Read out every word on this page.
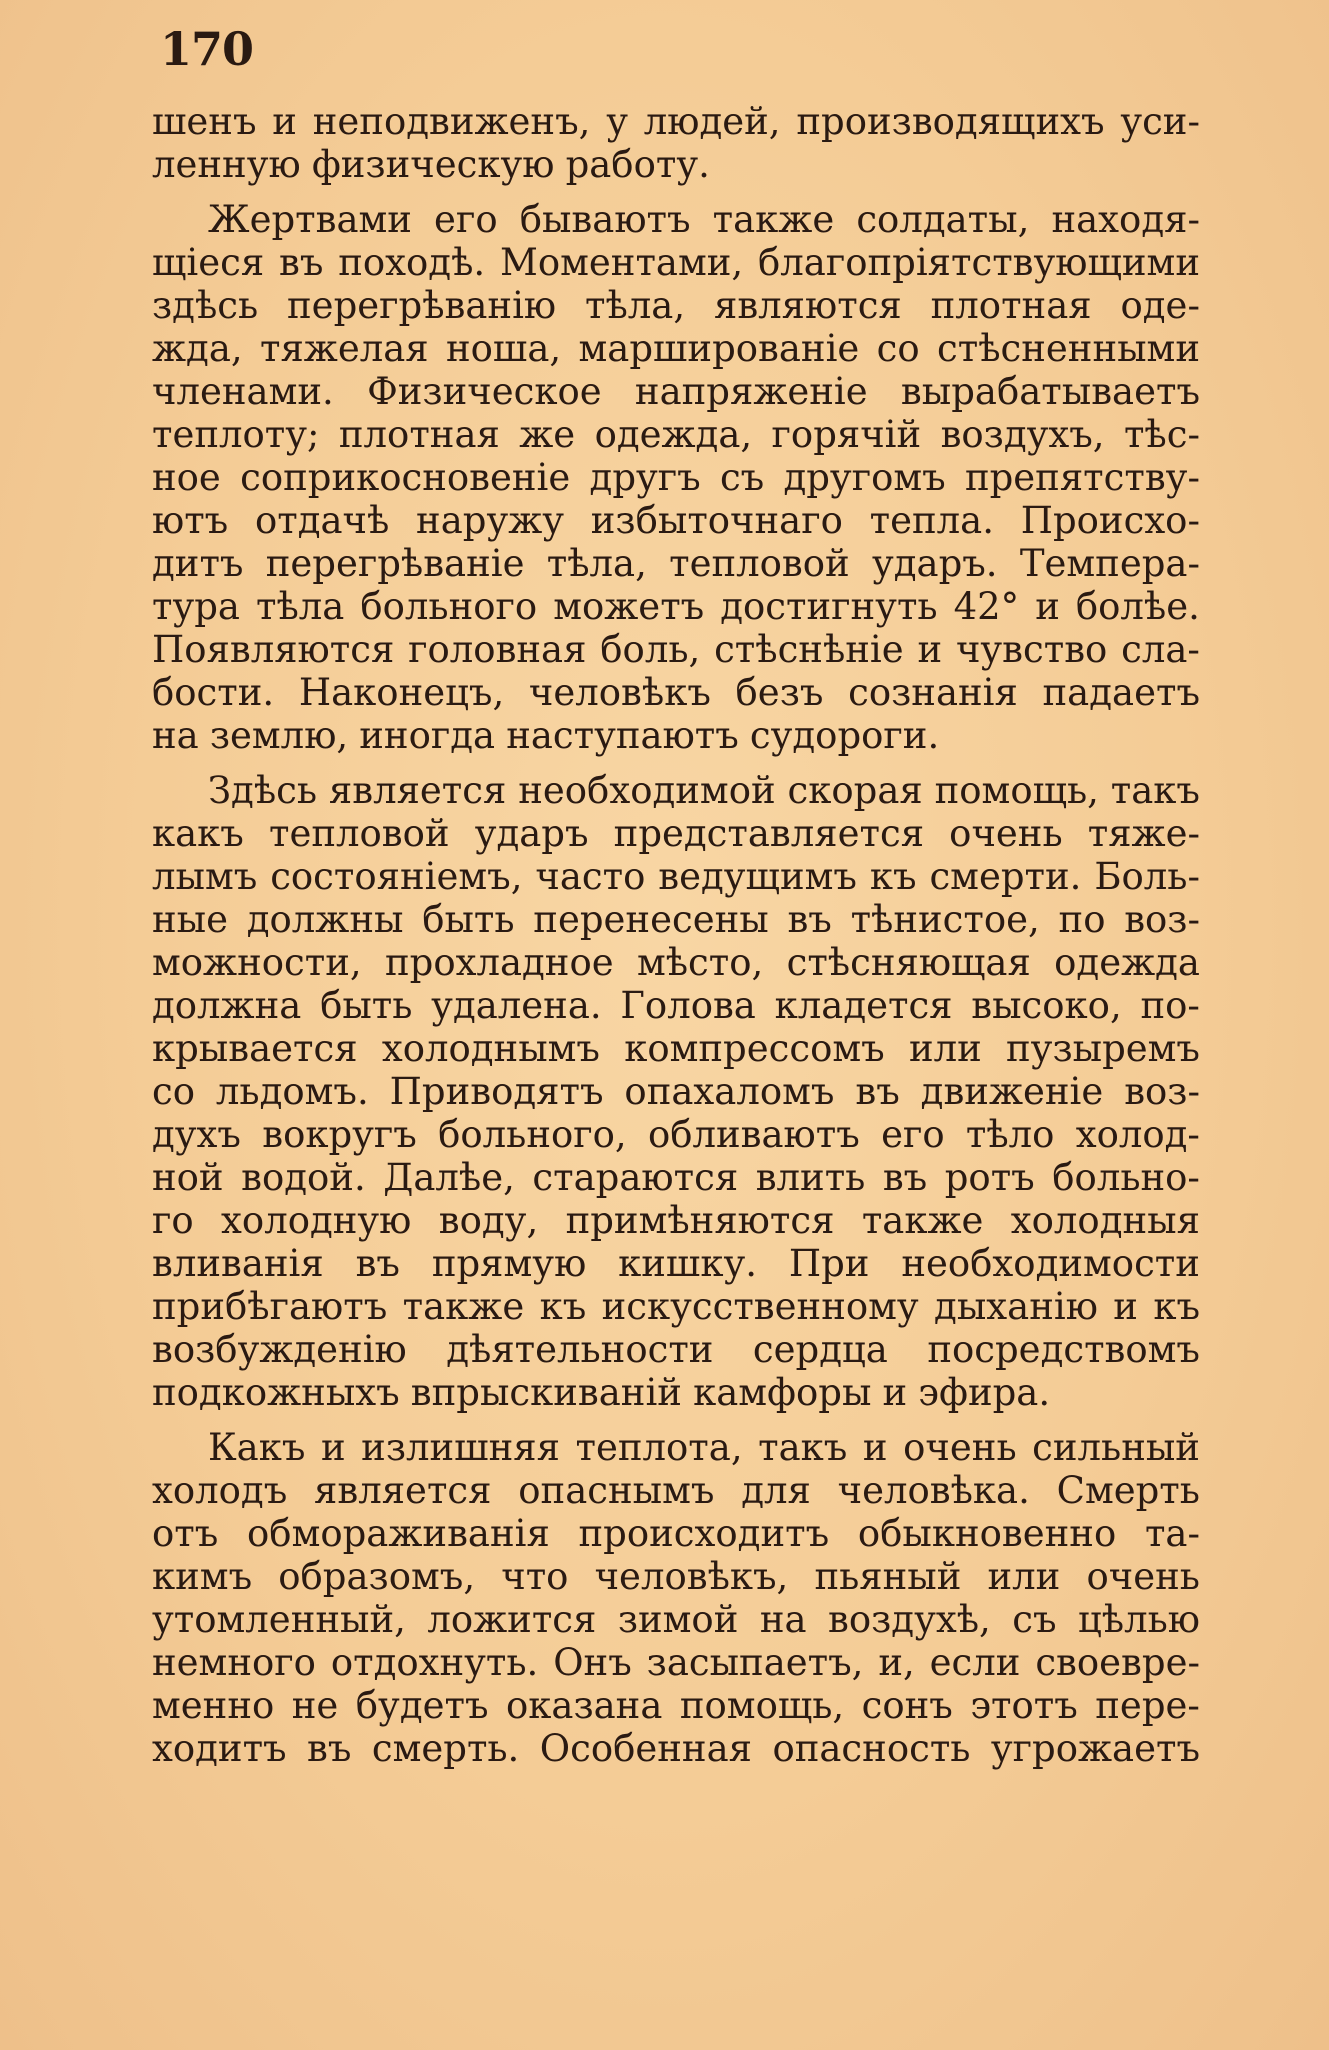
170
шенъ и неподвиженъ, у людей, производящихъ уси-
ленную физическую работу.
Жертвами его бываютъ также солдаты, находя-
щіеся въ походѣ. Моментами, благопріятствующими
здѣсь перегрѣванію тѣла, являются плотная оде-
жда, тяжелая ноша, маршированіе со стѣсненными
членами. Физическое напряженіе вырабатываетъ
теплоту; плотная же одежда, горячій воздухъ, тѣс-
ное соприкосновеніе другъ съ другомъ препятству-
ютъ отдачѣ наружу избыточнаго тепла. Происхо-
дитъ перегрѣваніе тѣла, тепловой ударъ. Темпера-
тура тѣла больного можетъ достигнуть 42° и болѣе.
Появляются головная боль, стѣснѣніе и чувство сла-
бости. Наконецъ, человѣкъ безъ сознанія падаетъ
на землю, иногда наступаютъ судороги.
Здѣсь является необходимой скорая помощь, такъ
какъ тепловой ударъ представляется очень тяже-
лымъ состояніемъ, часто ведущимъ къ смерти. Боль-
ные должны быть перенесены въ тѣнистое, по воз-
можности, прохладное мѣсто, стѣсняющая одежда
должна быть удалена. Голова кладется высоко, по-
крывается холоднымъ компрессомъ или пузыремъ
со льдомъ. Приводятъ опахаломъ въ движеніе воз-
духъ вокругъ больного, обливаютъ его тѣло холод-
ной водой. Далѣе, стараются влить въ ротъ больно-
го холодную воду, примѣняются также холодныя
вливанія въ прямую кишку. При необходимости
прибѣгаютъ также къ искусственному дыханію и къ
возбужденію дѣятельности сердца посредствомъ
подкожныхъ впрыскиваній камфоры и эфира.
Какъ и излишняя теплота, такъ и очень сильный
холодъ является опаснымъ для человѣка. Смерть
отъ обмораживанія происходитъ обыкновенно та-
кимъ образомъ, что человѣкъ, пьяный или очень
утомленный, ложится зимой на воздухѣ, съ цѣлью
немного отдохнуть. Онъ засыпаетъ, и, если своевре-
менно не будетъ оказана помощь, сонъ этотъ пере-
ходитъ въ смерть. Особенная опасность угрожаетъ
